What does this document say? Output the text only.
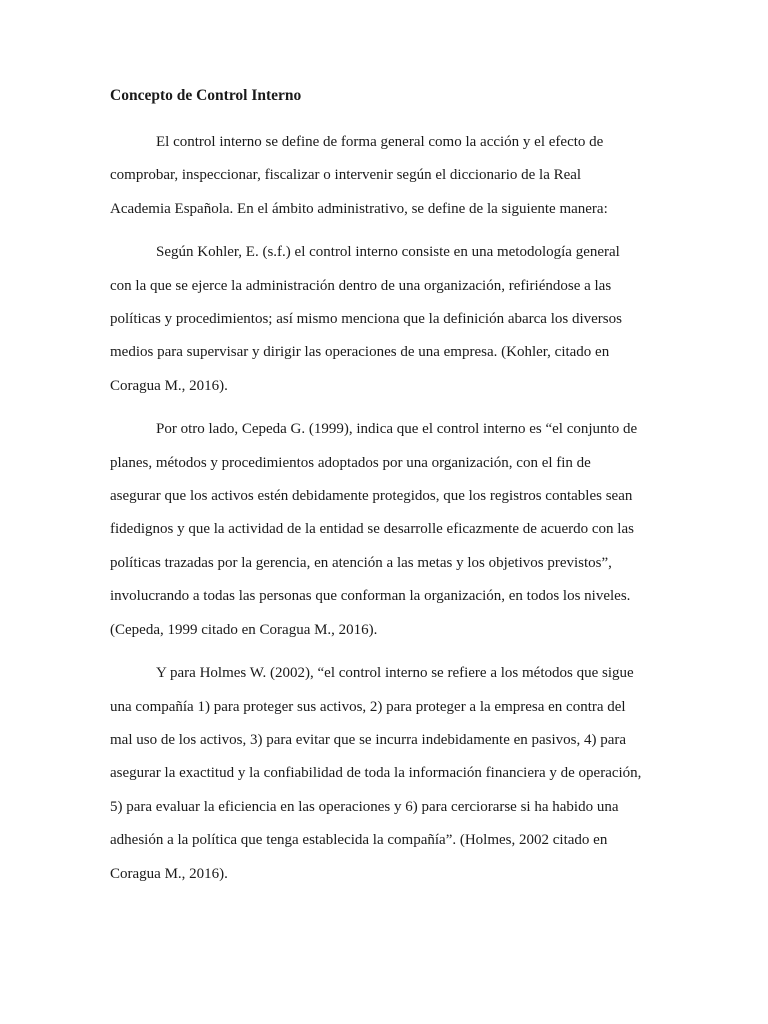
Concepto de Control Interno
El control interno se define de forma general como la acción y el efecto de
comprobar, inspeccionar, fiscalizar o intervenir según el diccionario de la Real
Academia Española. En el ámbito administrativo, se define de la siguiente manera:
Según Kohler, E. (s.f.) el control interno consiste en una metodología general
con la que se ejerce la administración dentro de una organización, refiriéndose a las
políticas y procedimientos; así mismo menciona que la definición abarca los diversos
medios para supervisar y dirigir las operaciones de una empresa. (Kohler, citado en
Coragua M., 2016).
Por otro lado, Cepeda G. (1999), indica que el control interno es “el conjunto de
planes, métodos y procedimientos adoptados por una organización, con el fin de
asegurar que los activos estén debidamente protegidos, que los registros contables sean
fidedignos y que la actividad de la entidad se desarrolle eficazmente de acuerdo con las
políticas trazadas por la gerencia, en atención a las metas y los objetivos previstos”,
involucrando a todas las personas que conforman la organización, en todos los niveles.
(Cepeda, 1999 citado en Coragua M., 2016).
Y para Holmes W. (2002), “el control interno se refiere a los métodos que sigue
una compañía 1) para proteger sus activos, 2) para proteger a la empresa en contra del
mal uso de los activos, 3) para evitar que se incurra indebidamente en pasivos, 4) para
asegurar la exactitud y la confiabilidad de toda la información financiera y de operación,
5) para evaluar la eficiencia en las operaciones y 6) para cerciorarse si ha habido una
adhesión a la política que tenga establecida la compañía”. (Holmes, 2002 citado en
Coragua M., 2016).
